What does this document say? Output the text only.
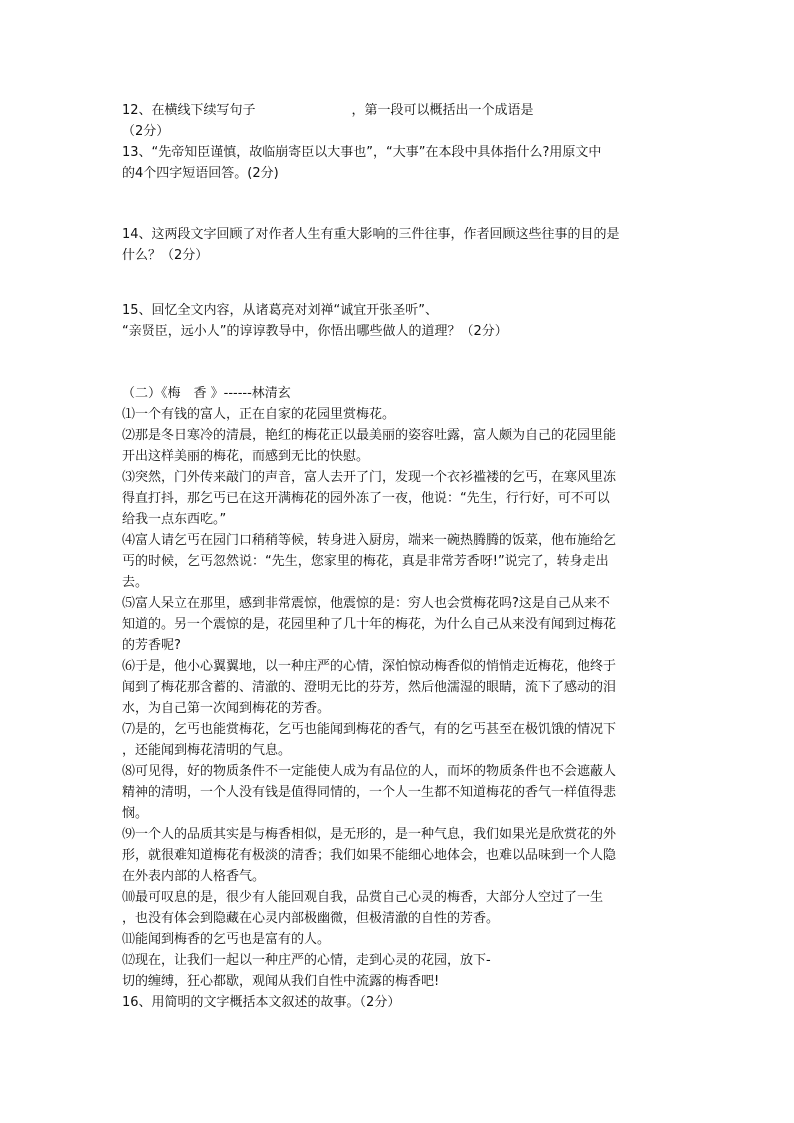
12、在横线下续写句子	，第一段可以概括出一个成语是
（2分）
13、“先帝知臣谨慎，故临崩寄臣以大事也”，“大事”在本段中具体指什么?用原文中
的4个四字短语回答。(2分)
14、这两段文字回顾了对作者人生有重大影响的三件往事，作者回顾这些往事的目的是
什么？（2分）
15、回忆全文内容，从诸葛亮对刘禅“诚宜开张圣听”、
“亲贤臣，远小人”的谆谆教导中，你悟出哪些做人的道理？（2分）
（二）《梅　香 》------林清玄
⑴一个有钱的富人，正在自家的花园里赏梅花。
⑵那是冬日寒冷的清晨，艳红的梅花正以最美丽的姿容吐露，富人颇为自己的花园里能
开出这样美丽的梅花，而感到无比的快慰。
⑶突然，门外传来敲门的声音，富人去开了门，发现一个衣衫褴褛的乞丐，在寒风里冻
得直打抖，那乞丐已在这开满梅花的园外冻了一夜，他说：“先生，行行好，可不可以
给我一点东西吃。”
⑷富人请乞丐在园门口稍稍等候，转身进入厨房，端来一碗热腾腾的饭菜，他布施给乞
丐的时候，乞丐忽然说：“先生，您家里的梅花，真是非常芳香呀!”说完了，转身走出
去。
⑸富人呆立在那里，感到非常震惊，他震惊的是：穷人也会赏梅花吗?这是自己从来不
知道的。另一个震惊的是，花园里种了几十年的梅花，为什么自己从来没有闻到过梅花
的芳香呢?
⑹于是，他小心翼翼地，以一种庄严的心情，深怕惊动梅香似的悄悄走近梅花，他终于
闻到了梅花那含蓄的、清澈的、澄明无比的芬芳，然后他濡湿的眼睛，流下了感动的泪
水，为自己第一次闻到梅花的芳香。
⑺是的，乞丐也能赏梅花，乞丐也能闻到梅花的香气，有的乞丐甚至在极饥饿的情况下
，还能闻到梅花清明的气息。
⑻可见得，好的物质条件不一定能使人成为有品位的人，而坏的物质条件也不会遮蔽人
精神的清明，一个人没有钱是值得同情的，一个人一生都不知道梅花的香气一样值得悲
悯。
⑼一个人的品质其实是与梅香相似，是无形的，是一种气息，我们如果光是欣赏花的外
形，就很难知道梅花有极淡的清香；我们如果不能细心地体会，也难以品味到一个人隐
在外表内部的人格香气。
⑽最可叹息的是，很少有人能回观自我，品赏自己心灵的梅香，大部分人空过了一生
，也没有体会到隐藏在心灵内部极幽微，但极清澈的自性的芳香。
⑾能闻到梅香的乞丐也是富有的人。
⑿现在，让我们一起以一种庄严的心情，走到心灵的花园，放下-
切的缠缚，狂心都歇，观闻从我们自性中流露的梅香吧!
16、用简明的文字概括本文叙述的故事。（2分）
